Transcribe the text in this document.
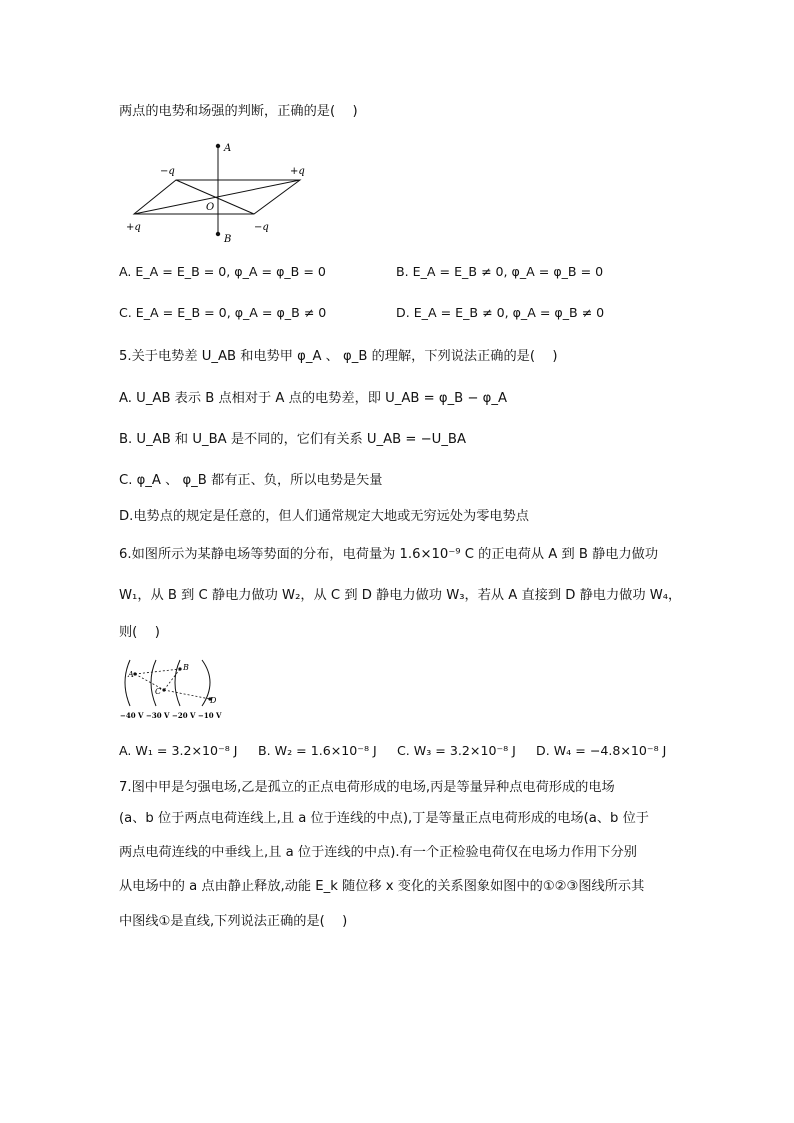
两点的电势和场强的判断，正确的是(　 )
A
B
O
−q	+q
+q	−q
A. E_A = E_B = 0, φ_A = φ_B = 0	B. E_A = E_B ≠ 0, φ_A = φ_B = 0
C. E_A = E_B = 0, φ_A = φ_B ≠ 0	D. E_A = E_B ≠ 0, φ_A = φ_B ≠ 0
5.关于电势差 U_AB 和电势甲 φ_A 、 φ_B 的理解，下列说法正确的是(　 )
A. U_AB 表示 B 点相对于 A 点的电势差，即 U_AB = φ_B − φ_A
B. U_AB 和 U_BA 是不同的，它们有关系 U_AB = −U_BA
C. φ_A 、 φ_B 都有正、负，所以电势是矢量
D.电势点的规定是任意的，但人们通常规定大地或无穷远处为零电势点
6.如图所示为某静电场等势面的分布，电荷量为 1.6×10⁻⁹ C 的正电荷从 A 到 B 静电力做功
W₁，从 B 到 C 静电力做功 W₂，从 C 到 D 静电力做功 W₃，若从 A 直接到 D 静电力做功 W₄，
则(　 )
A
B
C
D
−40 V −30 V −20 V −10 V
A. W₁ = 3.2×10⁻⁸ J B. W₂ = 1.6×10⁻⁸ J C. W₃ = 3.2×10⁻⁸ J D. W₄ = −4.8×10⁻⁸ J
7.图中甲是匀强电场,乙是孤立的正点电荷形成的电场,丙是等量异种点电荷形成的电场
(a、b 位于两点电荷连线上,且 a 位于连线的中点),丁是等量正点电荷形成的电场(a、b 位于
两点电荷连线的中垂线上,且 a 位于连线的中点).有一个正检验电荷仅在电场力作用下分别
从电场中的 a 点由静止释放,动能 E_k 随位移 x 变化的关系图象如图中的①②③图线所示其
中图线①是直线,下列说法正确的是(　 )
